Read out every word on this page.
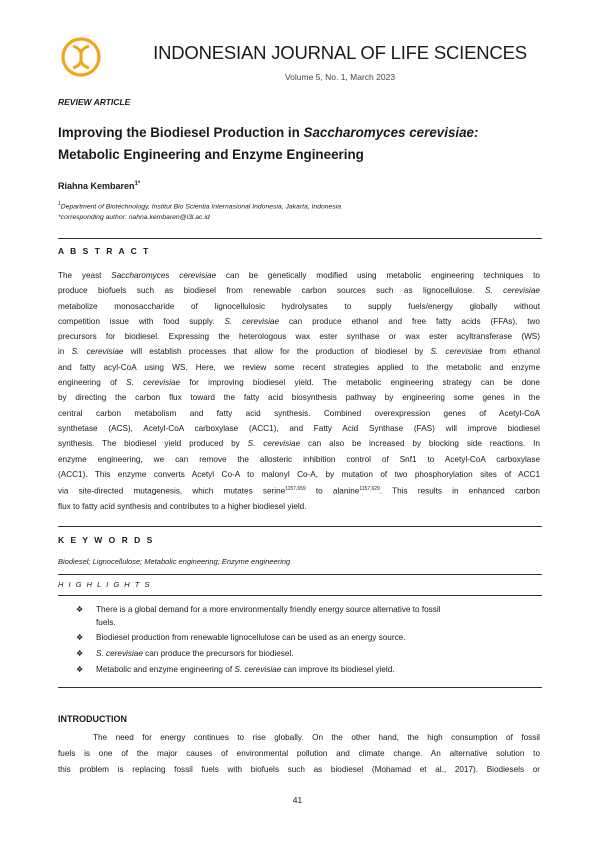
INDONESIAN JOURNAL OF LIFE SCIENCES
Volume 5, No. 1, March 2023
REVIEW ARTICLE
Improving the Biodiesel Production in Saccharomyces cerevisiae:
Metabolic Engineering and Enzyme Engineering
Riahna Kembaren$^{1*}$
$^1$Department of Biotechnology, Institut Bio Scientia Internasional Indonesia, Jakarta, Indonesia
*corresponding author: riahna.kembaren@i3l.ac.id
A B S T R A C T
The yeast Saccharomyces cerevisiae can be genetically modified using metabolic engineering techniques to
produce biofuels such as biodiesel from renewable carbon sources such as lignocellulose. S. cerevisiae
metabolize monosaccharide of lignocellulosic hydrolysates to supply fuels/energy globally without
competition issue with food supply. S. cerevisiae can produce ethanol and free fatty acids (FFAs), two
precursors for biodiesel. Expressing the heterologous wax ester synthase or wax ester acyltransferase (WS)
in S. cerevisiae will establish processes that allow for the production of biodiesel by S. cerevisiae from ethanol
and fatty acyl-CoA using WS. Here, we review some recent strategies applied to the metabolic and enzyme
engineering of S. cerevisiae for improving biodiesel yield. The metabolic engineering strategy can be done
by directing the carbon flux toward the fatty acid biosynthesis pathway by engineering some genes in the
central carbon metabolism and fatty acid synthesis. Combined overexpression genes of Acetyl-CoA
synthetase (ACS), Acetyl-CoA carboxylase (ACC1), and Fatty Acid Synthase (FAS) will improve biodiesel
synthesis. The biodiesel yield produced by S. cerevisiae can also be increased by blocking side reactions. In
enzyme engineering, we can remove the allosteric inhibition control of Snf1 to Acetyl-CoA carboxylase
(ACC1). This enzyme converts Acetyl Co-A to malonyl Co-A, by mutation of two phosphorylation sites of ACC1
via site-directed mutagenesis, which mutates serine$^{1157,659}$ to alanine$^{1157,629}$. This results in enhanced carbon
flux to fatty acid synthesis and contributes to a higher biodiesel yield.
K E Y W O R D S
Biodiesel; Lignocellulose; Metabolic engineering; Enzyme engineering
H I G H L I G H T S
❖ There is a global demand for a more environmentally friendly energy source alternative to fossil
fuels.
❖ Biodiesel production from renewable lignocellulose can be used as an energy source.
❖ S. cerevisiae can produce the precursors for biodiesel.
❖ Metabolic and enzyme engineering of S. cerevisiae can improve its biodiesel yield.
INTRODUCTION
The need for energy continues to rise globally. On the other hand, the high consumption of fossil
fuels is one of the major causes of environmental pollution and climate change. An alternative solution to
this problem is replacing fossil fuels with biofuels such as biodiesel (Mohamad et al., 2017). Biodiesels or
41
